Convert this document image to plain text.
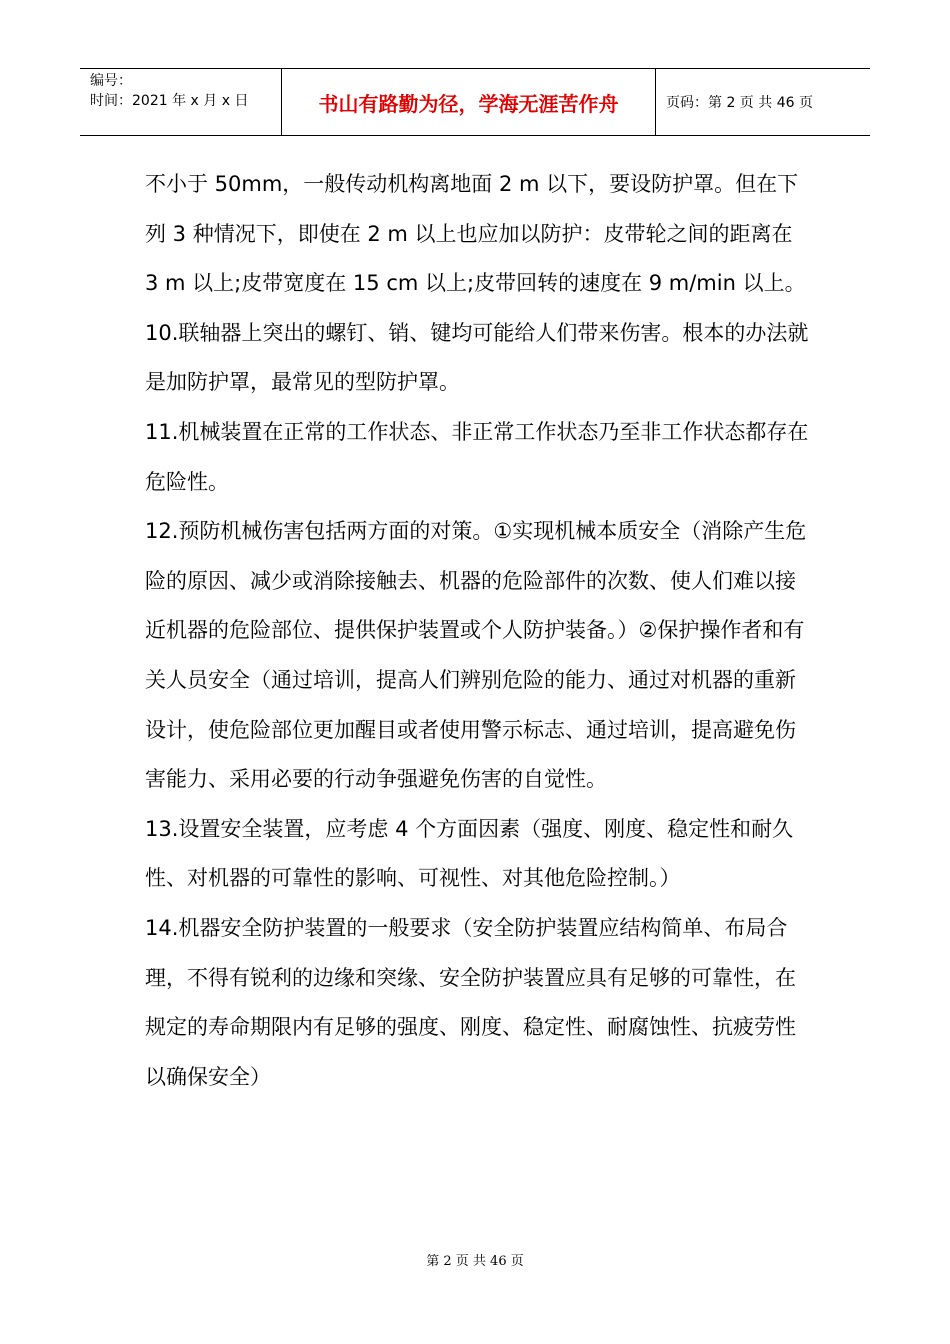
编号：
时间：2021 年 x 月 x 日	书山有路勤为径，学海无涯苦作舟	页码：第 2 页 共 46 页

不小于 50mm，一般传动机构离地面 2 m 以下，要设防护罩。但在下列 3 种情况下，即使在 2 m 以上也应加以防护：皮带轮之间的距离在 3 m 以上;皮带宽度在 15 cm 以上;皮带回转的速度在 9 m/min 以上。

10.联轴器上突出的螺钉、销、键均可能给人们带来伤害。根本的办法就是加防护罩，最常见的型防护罩。

11.机械装置在正常的工作状态、非正常工作状态乃至非工作状态都存在危险性。

12.预防机械伤害包括两方面的对策。①实现机械本质安全（消除产生危险的原因、减少或消除接触去、机器的危险部件的次数、使人们难以接近机器的危险部位、提供保护装置或个人防护装备。）②保护操作者和有关人员安全（通过培训，提高人们辨别危险的能力、通过对机器的重新设计，使危险部位更加醒目或者使用警示标志、通过培训，提高避免伤害能力、采用必要的行动争强避免伤害的自觉性。

13.设置安全装置，应考虑 4 个方面因素（强度、刚度、稳定性和耐久性、对机器的可靠性的影响、可视性、对其他危险控制。）

14.机器安全防护装置的一般要求（安全防护装置应结构简单、布局合理，不得有锐利的边缘和突缘、安全防护装置应具有足够的可靠性，在规定的寿命期限内有足够的强度、刚度、稳定性、耐腐蚀性、抗疲劳性以确保安全）

第 2 页 共 46 页
